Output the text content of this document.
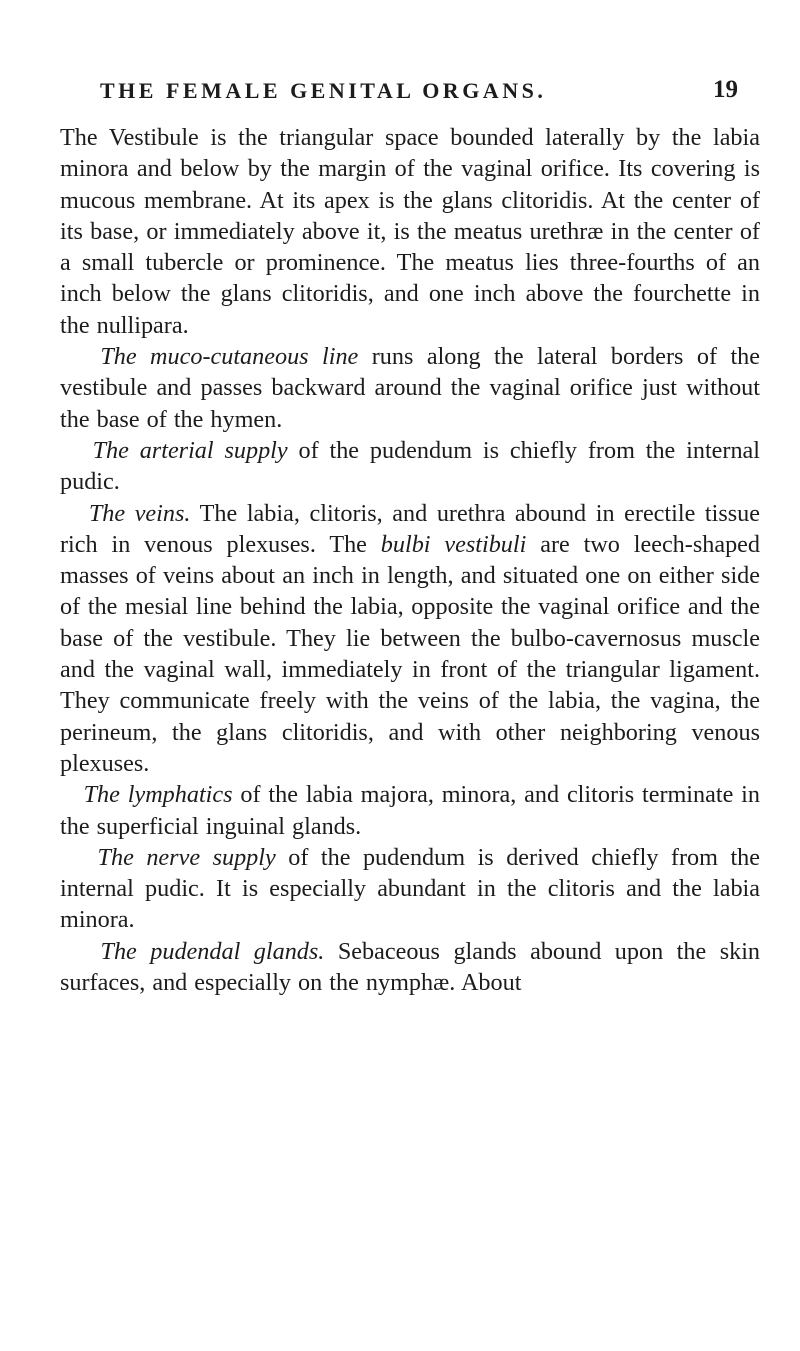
THE FEMALE GENITAL ORGANS.	19

The Vestibule is the triangular space bounded laterally by the labia minora and below by the margin of the vaginal orifice. Its covering is mucous membrane. At its apex is the glans clitoridis. At the center of its base, or immediately above it, is the meatus urethræ in the center of a small tubercle or prominence. The meatus lies three-fourths of an inch below the glans clitoridis, and one inch above the fourchette in the nullipara.

The muco-cutaneous line runs along the lateral borders of the vestibule and passes backward around the vaginal orifice just without the base of the hymen.

The arterial supply of the pudendum is chiefly from the internal pudic.

The veins. The labia, clitoris, and urethra abound in erectile tissue rich in venous plexuses. The bulbi vestibuli are two leech-shaped masses of veins about an inch in length, and situated one on either side of the mesial line behind the labia, opposite the vaginal orifice and the base of the vestibule. They lie between the bulbo-cavernosus muscle and the vaginal wall, immediately in front of the triangular ligament. They communicate freely with the veins of the labia, the vagina, the perineum, the glans clitoridis, and with other neighboring venous plexuses.

The lymphatics of the labia majora, minora, and clitoris terminate in the superficial inguinal glands.

The nerve supply of the pudendum is derived chiefly from the internal pudic. It is especially abundant in the clitoris and the labia minora.

The pudendal glands. Sebaceous glands abound upon the skin surfaces, and especially on the nymphæ. About
